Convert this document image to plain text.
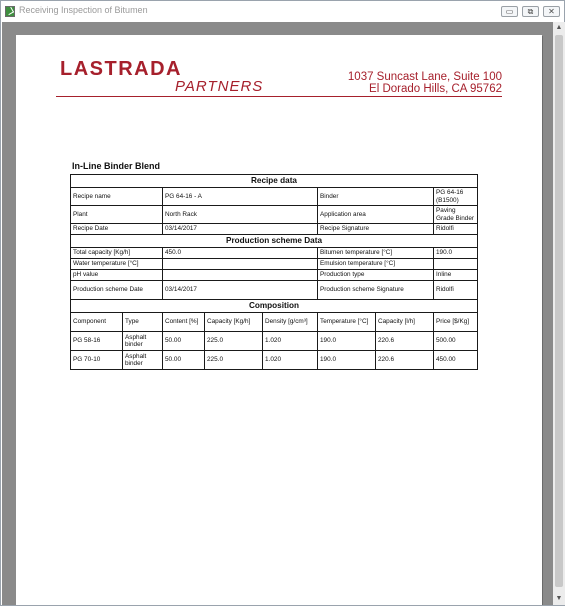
Receiving Inspection of Bitumen	▭	⧉	✕
LASTRADA
PARTNERS
1037 Suncast Lane, Suite 100
El Dorado Hills, CA 95762
In-Line Binder Blend
Recipe data							
Recipe name		PG 64-16 - A			Binder		PG 64-16 (B1500)
Plant		North Rack			Application area		Paving Grade Binder
Recipe Date		03/14/2017			Recipe Signature		Ridolfi
Production scheme Data							
Total capacity [Kg/h]		450.0			Bitumen temperature [°C]		190.0
Water temperature [°C]					Emulsion temperature [°C]		
pH value					Production type		Inline
Production scheme Date		03/14/2017			Production scheme Signature		Ridolfi
Composition							
Component	Type	Content [%]	Capacity [Kg/h]	Density [g/cm³]	Temperature [°C]	Capacity [l/h]	Price [$/Kg]
PG 58-16	Asphalt binder	50.00	225.0	1.020	190.0	220.6	500.00
PG 70-10	Asphalt binder	50.00	225.0	1.020	190.0	220.6	450.00
▲
▼
